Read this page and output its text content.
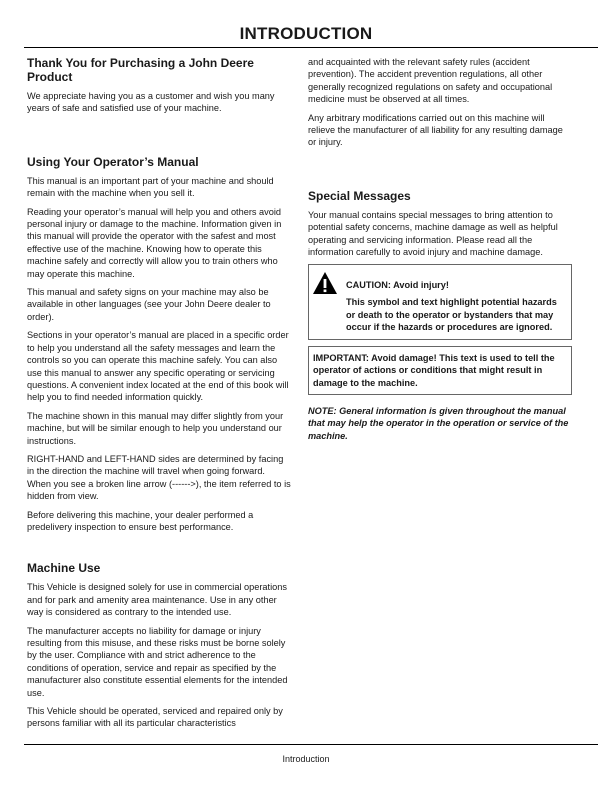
INTRODUCTION
Thank You for Purchasing a John Deere Product

We appreciate having you as a customer and wish you many years of safe and satisfied use of your machine.

Using Your Operator’s Manual

This manual is an important part of your machine and should remain with the machine when you sell it.

Reading your operator’s manual will help you and others avoid personal injury or damage to the machine. Information given in this manual will provide the operator with the safest and most effective use of the machine. Knowing how to operate this machine safely and correctly will allow you to train others who may operate this machine.

This manual and safety signs on your machine may also be available in other languages (see your John Deere dealer to order).

Sections in your operator’s manual are placed in a specific order to help you understand all the safety messages and learn the controls so you can operate this machine safely. You can also use this manual to answer any specific operating or servicing questions. A convenient index located at the end of this book will help you to find needed information quickly.

The machine shown in this manual may differ slightly from your machine, but will be similar enough to help you understand our instructions.

RIGHT-HAND and LEFT-HAND sides are determined by facing in the direction the machine will travel when going forward. When you see a broken line arrow (------>), the item referred to is hidden from view.

Before delivering this machine, your dealer performed a predelivery inspection to ensure best performance.

Machine Use

This Vehicle is designed solely for use in commercial operations and for park and amenity area maintenance. Use in any other way is considered as contrary to the intended use.

The manufacturer accepts no liability for damage or injury resulting from this misuse, and these risks must be borne solely by the user. Compliance with and strict adherence to the conditions of operation, service and repair as specified by the manufacturer also constitute essential elements for the intended use.

This Vehicle should be operated, serviced and repaired only by persons familiar with all its particular characteristics

and acquainted with the relevant safety rules (accident prevention). The accident prevention regulations, all other generally recognized regulations on safety and occupational medicine must be observed at all times.

Any arbitrary modifications carried out on this machine will relieve the manufacturer of all liability for any resulting damage or injury.

Special Messages

Your manual contains special messages to bring attention to potential safety concerns, machine damage as well as helpful operating and servicing information. Please read all the information carefully to avoid injury and machine damage.

CAUTION: Avoid injury!
This symbol and text highlight potential hazards or death to the operator or bystanders that may occur if the hazards or procedures are ignored.
IMPORTANT: Avoid damage! This text is used to tell the operator of actions or conditions that might result in damage to the machine.
NOTE: General information is given throughout the manual that may help the operator in the operation or service of the machine.
Introduction
